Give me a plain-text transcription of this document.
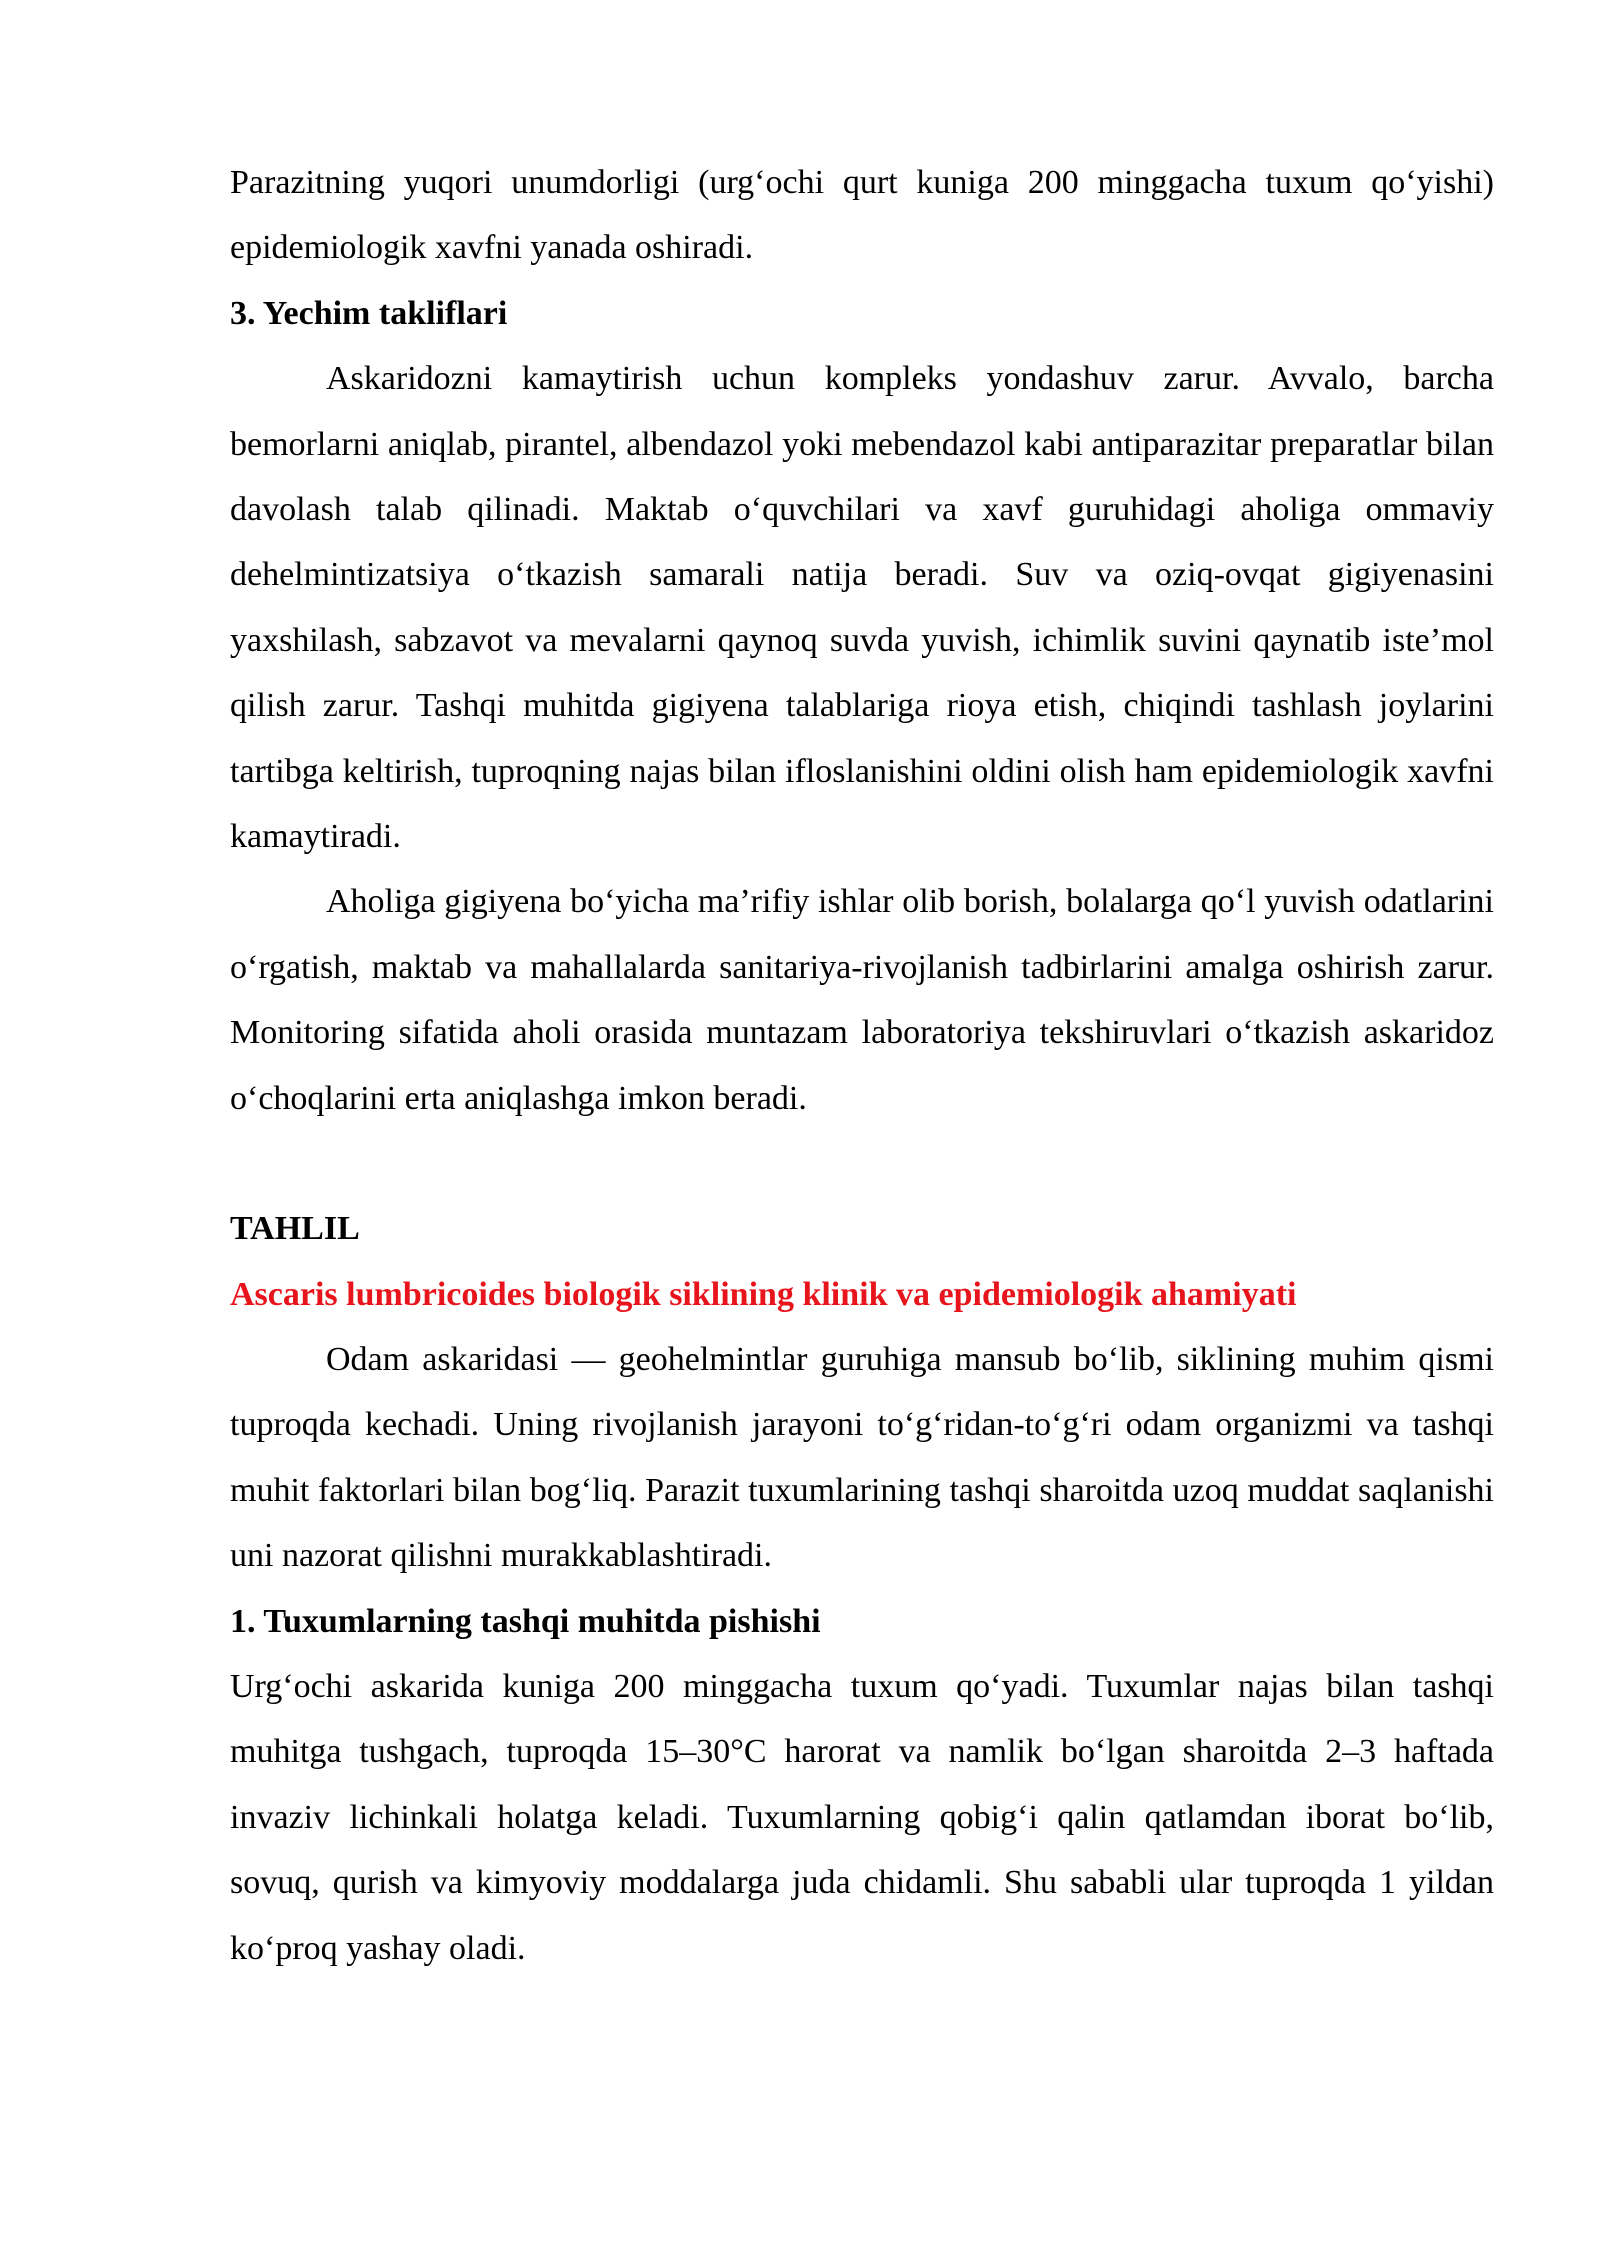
Parazitning yuqori unumdorligi (urg‘ochi qurt kuniga 200 minggacha tuxum qo‘yishi) epidemiologik xavfni yanada oshiradi.

3. Yechim takliflari

Askaridozni kamaytirish uchun kompleks yondashuv zarur. Avvalo, barcha bemorlarni aniqlab, pirantel, albendazol yoki mebendazol kabi antiparazitar preparatlar bilan davolash talab qilinadi. Maktab o‘quvchilari va xavf guruhidagi aholiga ommaviy dehelmintizatsiya o‘tkazish samarali natija beradi. Suv va oziq-ovqat gigiyenasini yaxshilash, sabzavot va mevalarni qaynoq suvda yuvish, ichimlik suvini qaynatib iste’mol qilish zarur. Tashqi muhitda gigiyena talablariga rioya etish, chiqindi tashlash joylarini tartibga keltirish, tuproqning najas bilan ifloslanishini oldini olish ham epidemiologik xavfni kamaytiradi.

Aholiga gigiyena bo‘yicha ma’rifiy ishlar olib borish, bolalarga qo‘l yuvish odatlarini o‘rgatish, maktab va mahallalarda sanitariya-rivojlanish tadbirlarini amalga oshirish zarur. Monitoring sifatida aholi orasida muntazam laboratoriya tekshiruvlari o‘tkazish askaridoz o‘choqlarini erta aniqlashga imkon beradi.

TAHLIL
Ascaris lumbricoides biologik siklining klinik va epidemiologik ahamiyati

Odam askaridasi — geohelmintlar guruhiga mansub bo‘lib, siklining muhim qismi tuproqda kechadi. Uning rivojlanish jarayoni to‘g‘ridan-to‘g‘ri odam organizmi va tashqi muhit faktorlari bilan bog‘liq. Parazit tuxumlarining tashqi sharoitda uzoq muddat saqlanishi uni nazorat qilishni murakkablashtiradi.

1. Tuxumlarning tashqi muhitda pishishi

Urg‘ochi askarida kuniga 200 minggacha tuxum qo‘yadi. Tuxumlar najas bilan tashqi muhitga tushgach, tuproqda 15–30°C harorat va namlik bo‘lgan sharoitda 2–3 haftada invaziv lichinkali holatga keladi. Tuxumlarning qobig‘i qalin qatlamdan iborat bo‘lib, sovuq, qurish va kimyoviy moddalarga juda chidamli. Shu sababli ular tuproqda 1 yildan ko‘proq yashay oladi.
